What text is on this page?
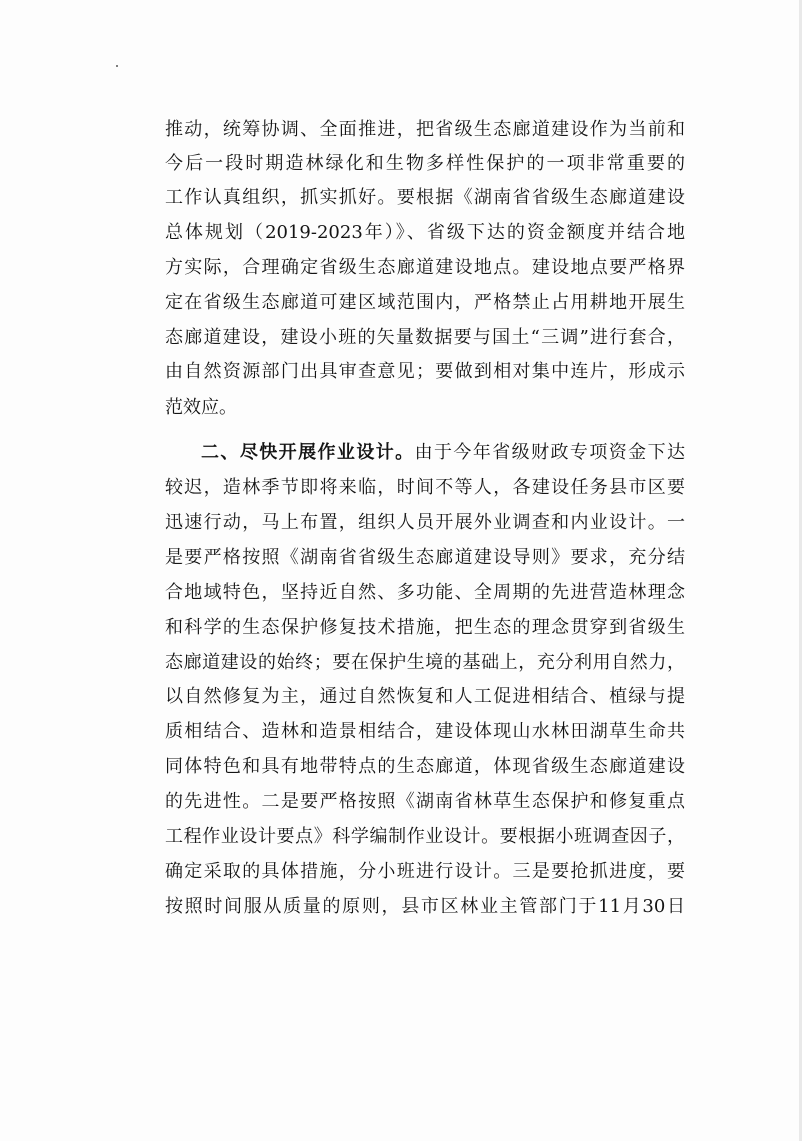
推动，统筹协调、全面推进，把省级生态廊道建设作为当前和
今后一段时期造林绿化和生物多样性保护的一项非常重要的
工作认真组织，抓实抓好。要根据《湖南省省级生态廊道建设
总体规划（2019-2023年）》、省级下达的资金额度并结合地
方实际，合理确定省级生态廊道建设地点。建设地点要严格界
定在省级生态廊道可建区域范围内，严格禁止占用耕地开展生
态廊道建设，建设小班的矢量数据要与国土“三调”进行套合，
由自然资源部门出具审查意见；要做到相对集中连片，形成示
范效应。
二、尽快开展作业设计。由于今年省级财政专项资金下达
较迟，造林季节即将来临，时间不等人，各建设任务县市区要
迅速行动，马上布置，组织人员开展外业调查和内业设计。一
是要严格按照《湖南省省级生态廊道建设导则》要求，充分结
合地域特色，坚持近自然、多功能、全周期的先进营造林理念
和科学的生态保护修复技术措施，把生态的理念贯穿到省级生
态廊道建设的始终；要在保护生境的基础上，充分利用自然力，
以自然修复为主，通过自然恢复和人工促进相结合、植绿与提
质相结合、造林和造景相结合，建设体现山水林田湖草生命共
同体特色和具有地带特点的生态廊道，体现省级生态廊道建设
的先进性。二是要严格按照《湖南省林草生态保护和修复重点
工程作业设计要点》科学编制作业设计。要根据小班调查因子，
确定采取的具体措施，分小班进行设计。三是要抢抓进度，要
按照时间服从质量的原则，县市区林业主管部门于11月30日
